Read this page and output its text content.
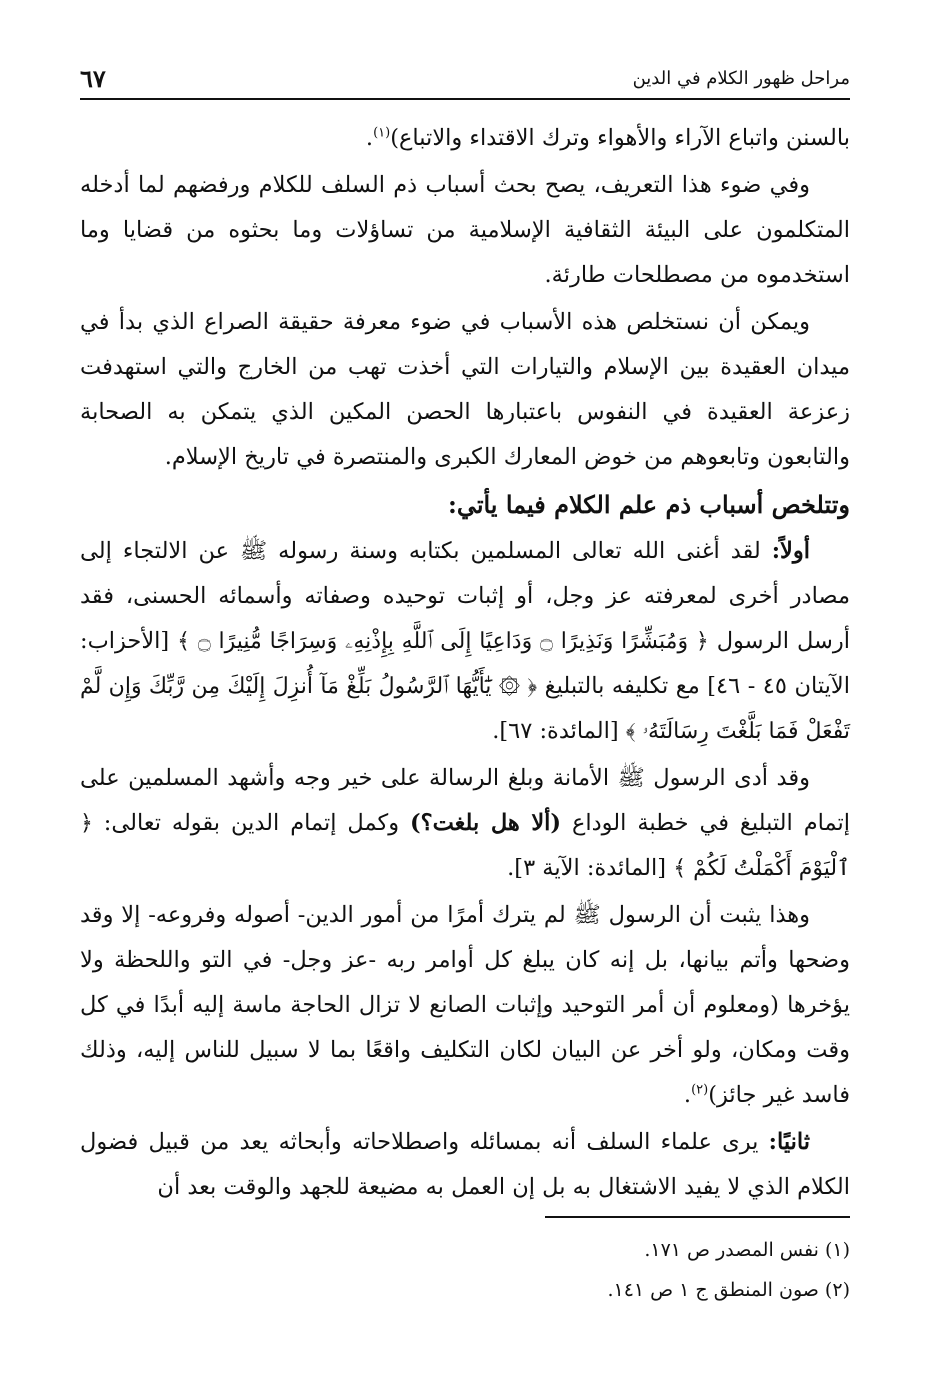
مراحل ظهور الكلام في الدين
٦٧

بالسنن واتباع الآراء والأهواء وترك الاقتداء والاتباع)$^{(١)}$.

وفي ضوء هذا التعريف، يصح بحث أسباب ذم السلف للكلام ورفضهم لما أدخله المتكلمون على البيئة الثقافية الإسلامية من تساؤلات وما بحثوه من قضايا وما استخدموه من مصطلحات طارئة.

ويمكن أن نستخلص هذه الأسباب في ضوء معرفة حقيقة الصراع الذي بدأ في ميدان العقيدة بين الإسلام والتيارات التي أخذت تهب من الخارج والتي استهدفت زعزعة العقيدة في النفوس باعتبارها الحصن المكين الذي يتمكن به الصحابة والتابعون وتابعوهم من خوض المعارك الكبرى والمنتصرة في تاريخ الإسلام.

وتتلخص أسباب ذم علم الكلام فيما يأتي:

أولاً: لقد أغنى الله تعالى المسلمين بكتابه وسنة رسوله ﷺ عن الالتجاء إلى مصادر أخرى لمعرفته عز وجل، أو إثبات توحيده وصفاته وأسمائه الحسنى، فقد أرسل الرسول ﴿ وَمُبَشِّرًا وَنَذِيرًا ۝ وَدَاعِيًا إِلَى ٱللَّهِ بِإِذْنِهِۦ وَسِرَاجًا مُّنِيرًا ۝ ﴾ [الأحزاب: الآيتان ٤٥ - ٤٦] مع تكليفه بالتبليغ ﴿ ۞ يَٰٓأَيُّهَا ٱلرَّسُولُ بَلِّغْ مَآ أُنزِلَ إِلَيْكَ مِن رَّبِّكَ وَإِن لَّمْ تَفْعَلْ فَمَا بَلَّغْتَ رِسَالَتَهُۥ ﴾ [المائدة: ٦٧].

وقد أدى الرسول ﷺ الأمانة وبلغ الرسالة على خير وجه وأشهد المسلمين على إتمام التبليغ في خطبة الوداع (ألا هل بلغت؟) وكمل إتمام الدين بقوله تعالى: ﴿ ٱلْيَوْمَ أَكْمَلْتُ لَكُمْ ﴾ [المائدة: الآية ٣].

وهذا يثبت أن الرسول ﷺ لم يترك أمرًا من أمور الدين- أصوله وفروعه- إلا وقد وضحها وأتم بيانها، بل إنه كان يبلغ كل أوامر ربه -عز وجل- في التو واللحظة ولا يؤخرها (ومعلوم أن أمر التوحيد وإثبات الصانع لا تزال الحاجة ماسة إليه أبدًا في كل وقت ومكان، ولو أخر عن البيان لكان التكليف واقعًا بما لا سبيل للناس إليه، وذلك فاسد غير جائز)$^{(٢)}$.

ثانيًا: يرى علماء السلف أنه بمسائله واصطلاحاته وأبحاثه يعد من قبيل فضول الكلام الذي لا يفيد الاشتغال به بل إن العمل به مضيعة للجهد والوقت بعد أن

(١) نفس المصدر ص ١٧١.
(٢) صون المنطق ج ١ ص ١٤١.
